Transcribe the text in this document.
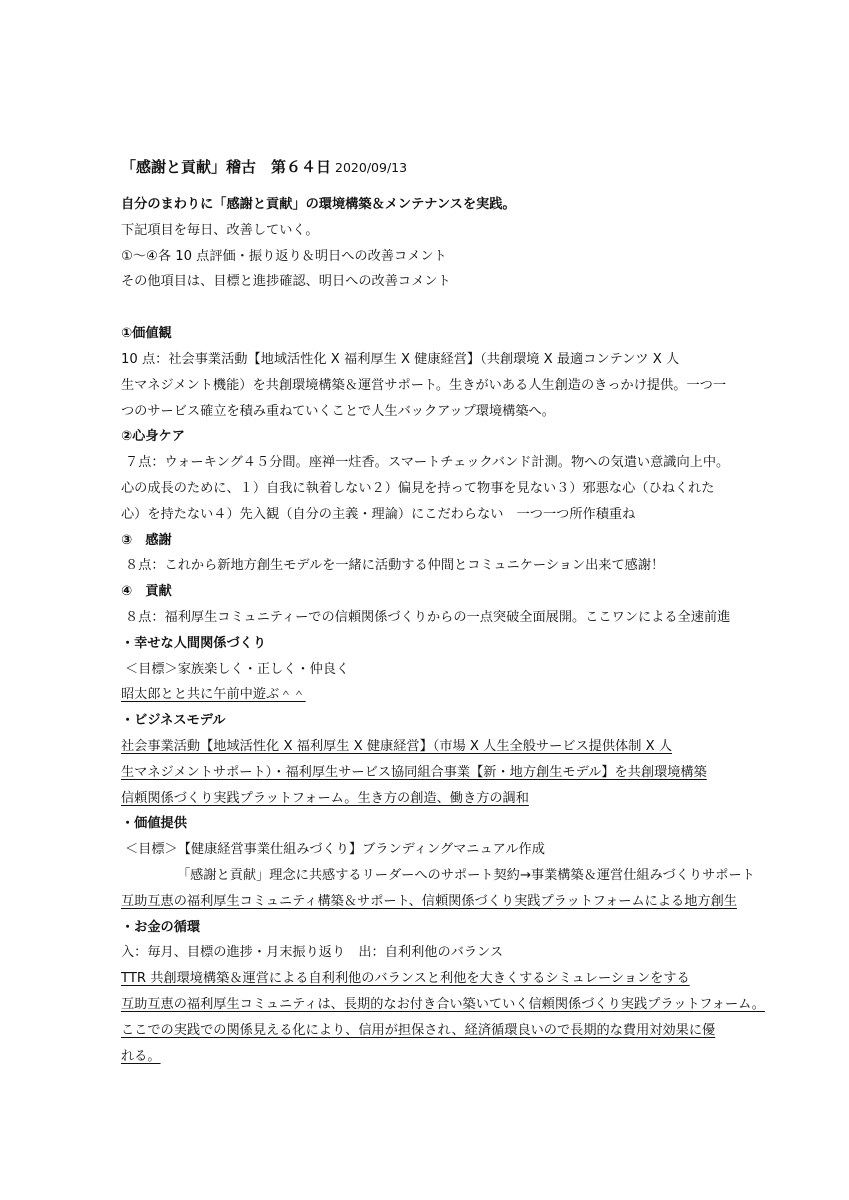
「感謝と貢献」稽古　第６４日 2020/09/13
自分のまわりに「感謝と貢献」の環境構築＆メンテナンスを実践。
下記項目を毎日、改善していく。
①～④各 10 点評価・振り返り＆明日への改善コメント
その他項目は、目標と進捗確認、明日への改善コメント
①価値観
10 点：社会事業活動【地域活性化 X 福利厚生 X 健康経営】（共創環境 X 最適コンテンツ X 人
生マネジメント機能）を共創環境構築＆運営サポート。生きがいある人生創造のきっかけ提供。一つ一
つのサービス確立を積み重ねていくことで人生バックアップ環境構築へ。
②心身ケア
７点：ウォーキング４５分間。座禅一炷香。スマートチェックバンド計測。物への気遣い意識向上中。
心の成長のために、１）自我に執着しない２）偏見を持って物事を見ない３）邪悪な心（ひねくれた
心）を持たない４）先入観（自分の主義・理論）にこだわらない　一つ一つ所作積重ね
③　感謝
８点：これから新地方創生モデルを一緒に活動する仲間とコミュニケーション出来て感謝！
④　貢献
８点：福利厚生コミュニティーでの信頼関係づくりからの一点突破全面展開。ここワンによる全速前進
・幸せな人間関係づくり
＜目標＞家族楽しく・正しく・仲良く
昭太郎とと共に午前中遊ぶ＾＾
・ビジネスモデル
社会事業活動【地域活性化 X 福利厚生 X 健康経営】（市場 X 人生全般サービス提供体制 X 人
生マネジメントサポート）・福利厚生サービス協同組合事業【新・地方創生モデル】を共創環境構築
信頼関係づくり実践プラットフォーム。生き方の創造、働き方の調和
・価値提供
＜目標＞【健康経営事業仕組みづくり】ブランディングマニュアル作成
「感謝と貢献」理念に共感するリーダーへのサポート契約→事業構築＆運営仕組みづくりサポート
互助互恵の福利厚生コミュニティ構築＆サポート、信頼関係づくり実践プラットフォームによる地方創生
・お金の循環
入：毎月、目標の進捗・月末振り返り　出：自利利他のバランス
TTR 共創環境構築＆運営による自利利他のバランスと利他を大きくするシミュレーションをする
互助互恵の福利厚生コミュニティは、長期的なお付き合い築いていく信頼関係づくり実践プラットフォーム。
ここでの実践での関係見える化により、信用が担保され、経済循環良いので長期的な費用対効果に優
れる。
